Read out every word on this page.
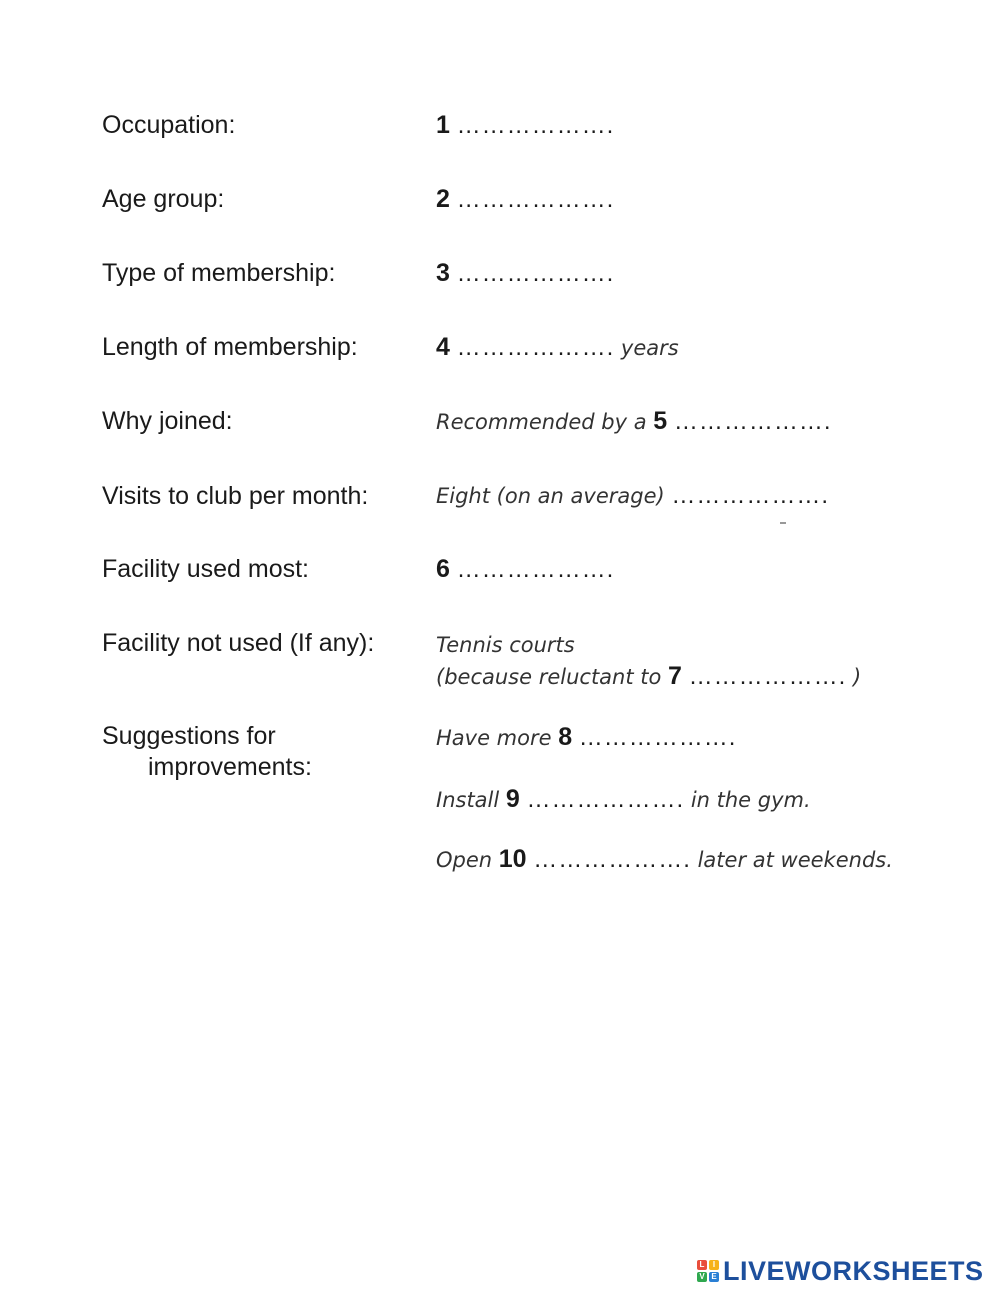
Occupation:	1 ……………….
Age group:	2 ……………….
Type of membership:	3 ……………….
Length of membership:	4 ………………. years
Why joined:	Recommended by a 5 ……………….
Visits to club per month:	Eight (on an average) ……………….
Facility used most:	6 ……………….
Facility not used (If any):	Tennis courts
(because reluctant to 7 ………………. )
Suggestions for
improvements:
Have more 8 ……………….
Install 9 ………………. in the gym.
Open 10 ………………. later at weekends.
L	I
V E LIVEWORKSHEETS
